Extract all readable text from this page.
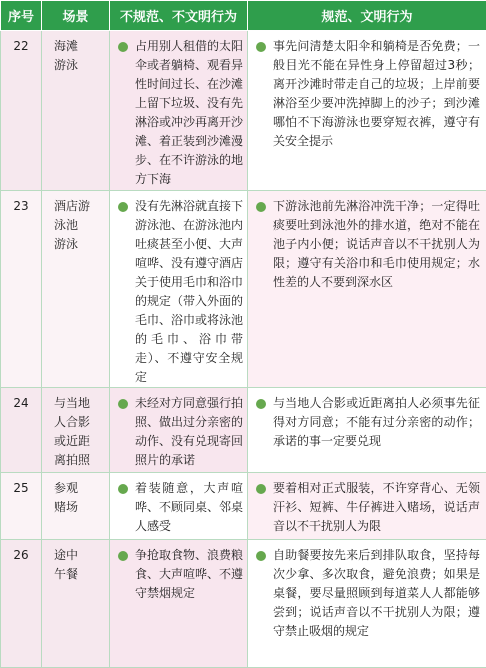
序号	场景	不规范、不文明行为	规范、文明行为
22	海滩
游泳	占用别人租借的太阳伞或者躺椅、观看异性时间过长、在沙滩上留下垃圾、没有先淋浴或冲沙再离开沙滩、着正装到沙滩漫步、在不许游泳的地方下海	事先问清楚太阳伞和躺椅是否免费；一般目光不能在异性身上停留超过3秒；离开沙滩时带走自己的垃圾；上岸前要淋浴至少要冲洗掉脚上的沙子；到沙滩哪怕不下海游泳也要穿短衣裤，遵守有关安全提示

23	酒店游
泳池
游泳	没有先淋浴就直接下游泳池、在游泳池内吐痰甚至小便、大声喧哗、没有遵守酒店关于使用毛巾和浴巾的规定（带入外面的毛巾、浴巾或将泳池的毛巾、浴巾带走）、不遵守安全规定	下游泳池前先淋浴冲洗干净；一定得吐痰要吐到泳池外的排水道，绝对不能在池子内小便；说话声音以不干扰别人为限；遵守有关浴巾和毛巾使用规定；水性差的人不要到深水区

24	与当地
人合影
或近距
离拍照	未经对方同意强行拍照、做出过分亲密的动作、没有兑现寄回照片的承诺	与当地人合影或近距离拍人必须事先征得对方同意；不能有过分亲密的动作；承诺的事一定要兑现

25	参观
赌场	着装随意，大声喧哗、不顾同桌、邻桌人感受	要着相对正式服装，不许穿背心、无领汗衫、短裤、牛仔裤进入赌场，说话声音以不干扰别人为限

26	途中
午餐	争抢取食物、浪费粮食、大声喧哗、不遵守禁烟规定	自助餐要按先来后到排队取食，坚持每次少拿、多次取食，避免浪费；如果是桌餐，要尽量照顾到每道菜人人都能够尝到；说话声音以不干扰别人为限；遵守禁止吸烟的规定
